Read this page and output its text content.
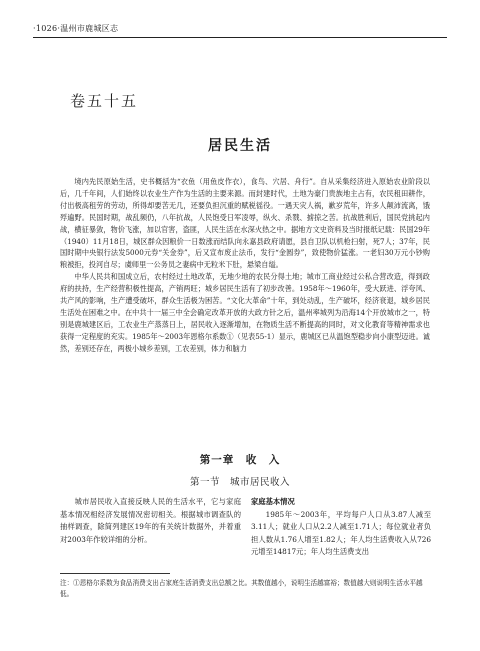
·1026·温州市鹿城区志
卷五十五
居民生活

境内先民原始生活，史书概括为“衣鱼（用鱼皮作衣），食鸟、穴居、舟行”。自从采集经济进入原始农业阶段以后，几千年间，人们始终以农业生产作为生活的主要来源。而封建时代，土地为豪门贵族地主占有，农民租田耕作，付出极高租劳的劳动，所得却要苦无几，还要负担沉重的赋税徭役。一遇天灾人祸，歉岁荒年，许多人颠沛流离，饿殍遍野。民国时期，战乱频仍，八年抗战，人民饱受日军凌辱，纵火、杀戮、掳掠之苦。抗战胜利后，国民党挑起内战，横征暴敛，物价飞涨，加以官害，盗匪，人民生活在水深火热之中。据地方文史资料及当时报纸记载：民国29年（1940）11月18日，城区群众因粮价一日数涨而结队向永嘉县政府请愿，县自卫队以机枪扫射，死7人；37年，民国时期中央银行法发5000元券“关金券”，后又宣布废止法币，发行“金圆券”，致使物价猛涨。一老妇30万元小钞购粮被拒，投河自尽；虞师里一公务员之妻病中无粒米下肚，悬梁自缢。

中华人民共和国成立后，农村经过土地改革，无地少地的农民分得土地；城市工商业经过公私合营改造，得到政府的扶持，生产经营积极性提高，产销两旺；城乡居民生活有了初步改善。1958年～1960年，受大跃进、浮夸风、共产风的影响，生产遭受破坏，群众生活极为困苦。“文化大革命”十年，到处动乱，生产破坏，经济衰退，城乡居民生活处在困难之中。在中共十一届三中全会确定改革开放的大政方针之后，温州率城列为沿海14个开放城市之一，特别是鹿城建区后，工农业生产蒸蒸日上，居民收入逐渐增加，在物质生活不断提高的同时，对文化教育等精神需求也获得一定程度的充实。1985年～2003年恩格尔系数①（见表55-1）显示，鹿城区已从温饱型稳步向小康型迈进。诚然，差别还存在，两极小城乡差别，工农差别，体力和脑力

第一章　收　入
第一节　城市居民收入

城市居民收入直接反映人民的生活水平，它与家庭基本情况相经济发展情况密切相关。根据城市调查队的抽样调查，除简列建区19年的有关统计数据外，并着重对2003年作较详细的分析。

家庭基本情况

1985年～2003年，平均每户人口从3.87人减至3.11人；就业人口从2.2人减至1.71人；每位就业者负担人数从1.76人增至1.82人；年人均生活费收入从726元增至14817元；年人均生活费支出

注：①恩格尔系数为食品消费支出占家庭生活消费支出总额之比。其数值越小，说明生活越富裕；数值越大则说明生活水平越低。
